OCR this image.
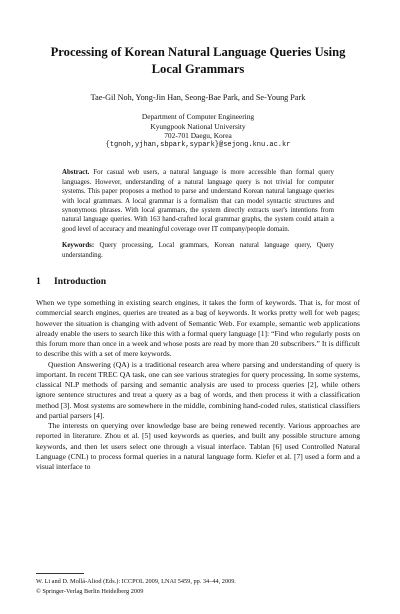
Processing of Korean Natural Language Queries Using
Local Grammars
Tae-Gil Noh, Yong-Jin Han, Seong-Bae Park, and Se-Young Park
Department of Computer Engineering
Kyungpook National University
702-701 Daegu, Korea
{tgnoh,yjhan,sbpark,sypark}@sejong.knu.ac.kr
Abstract. For casual web users, a natural language is more accessible than formal query languages. However, understanding of a natural language query is not trivial for computer systems. This paper proposes a method to parse and understand Korean natural language queries with local grammars. A local grammar is a formalism that can model syntactic structures and synonymous phrases. With local grammars, the system directly extracts user's intentions from natural language queries. With 163 hand-crafted local grammar graphs, the system could attain a good level of accuracy and meaningful coverage over IT company/people domain.
Keywords: Query processing, Local grammars, Korean natural language query, Query understanding.
1 Introduction

When we type something in existing search engines, it takes the form of keywords. That is, for most of commercial search engines, queries are treated as a bag of keywords. It works pretty well for web pages; however the situation is changing with advent of Semantic Web. For example, semantic web applications already enable the users to search like this with a formal query language [1]: “Find who regularly posts on this forum more than once in a week and whose posts are read by more than 20 subscribers.” It is difficult to describe this with a set of mere keywords.

Question Answering (QA) is a traditional research area where parsing and understanding of query is important. In recent TREC QA task, one can see various strategies for query processing. In some systems, classical NLP methods of parsing and semantic analysis are used to process queries [2], while others ignore sentence structures and treat a query as a bag of words, and then process it with a classification method [3]. Most systems are somewhere in the middle, combining hand-coded rules, statistical classifiers and partial parsers [4].

The interests on querying over knowledge base are being renewed recently. Various approaches are reported in literature. Zhou et al. [5] used keywords as queries, and built any possible structure among keywords, and then let users select one through a visual interface. Tablan [6] used Controlled Natural Language (CNL) to process formal queries in a natural language form. Kiefer et al. [7] used a form and a visual interface to

W. Li and D. Mollá-Aliod (Eds.): ICCPOL 2009, LNAI 5459, pp. 34–44, 2009.
© Springer-Verlag Berlin Heidelberg 2009
